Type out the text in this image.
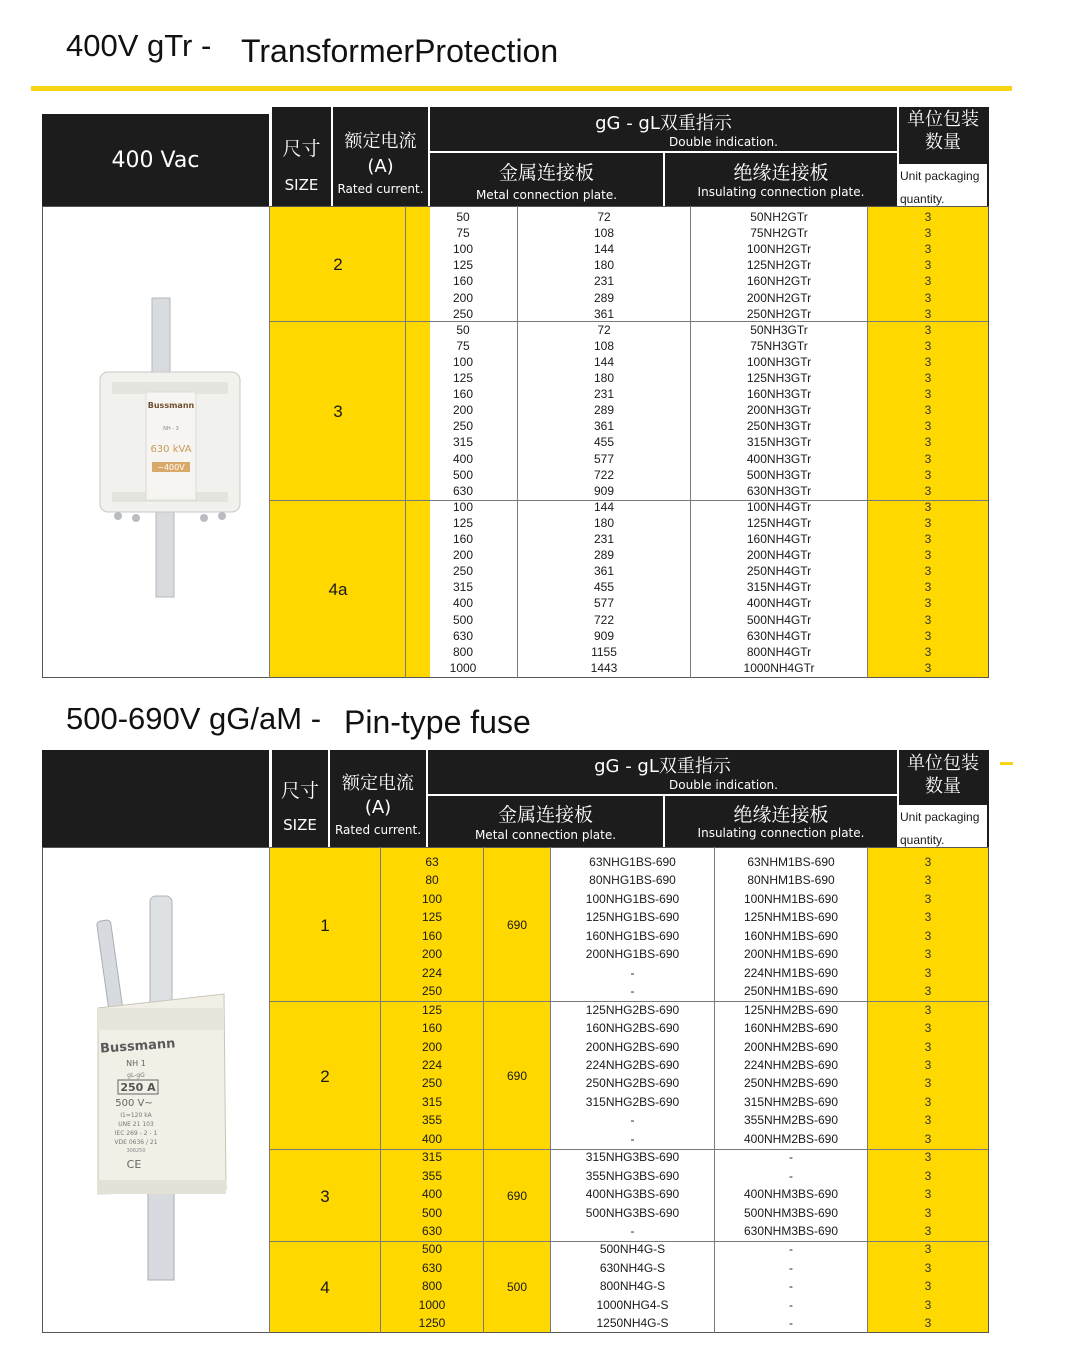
400V gTr - TransformerProtection
400 Vac	尺寸
SIZE
额定电流
(A)
Rated current.
gG - gL双重指示
Double indication.
金属连接板
Metal connection plate.
绝缘连接板
Insulating connection plate.
单位包装
数量
Unit packaging
quantity.
2
50	72	50NH2GTr	3
75	108	75NH2GTr	3
100	144	100NH2GTr	3
125	180	125NH2GTr	3
160	231	160NH2GTr	3
200	289	200NH2GTr	3
250	361	250NH2GTr	3
3
50	72	50NH3GTr	3
75	108	75NH3GTr	3
100	144	100NH3GTr	3
125	180	125NH3GTr	3
160	231	160NH3GTr	3
200	289	200NH3GTr	3
250	361	250NH3GTr	3
315	455	315NH3GTr	3
400	577	400NH3GTr	3
500	722	500NH3GTr	3
630	909	630NH3GTr	3
4a
100	144	100NH4GTr	3
125	180	125NH4GTr	3
160	231	160NH4GTr	3
200	289	200NH4GTr	3
250	361	250NH4GTr	3
315	455	315NH4GTr	3
400	577	400NH4GTr	3
500	722	500NH4GTr	3
630	909	630NH4GTr	3
800	1155	800NH4GTr	3
1000	1443	1000NH4GTr	3
Bussmann
NH - 3
630 kVA
~400V
500-690V gG/aM - Pin-type fuse
尺寸
SIZE
额定电流
(A)
Rated current.
gG - gL双重指示
Double indication.
金属连接板
Metal connection plate.
绝缘连接板
Insulating connection plate.
单位包装
数量
Unit packaging
quantity.
1	690
63	63NHG1BS-690	63NHM1BS-690	3
80	80NHG1BS-690	80NHM1BS-690	3
100	100NHG1BS-690	100NHM1BS-690	3
125	125NHG1BS-690	125NHM1BS-690	3
160	160NHG1BS-690	160NHM1BS-690	3
200	200NHG1BS-690	200NHM1BS-690	3
224	-	224NHM1BS-690	3
250	-	250NHM1BS-690	3
2	690
125	125NHG2BS-690	125NHM2BS-690	3
160	160NHG2BS-690	160NHM2BS-690	3
200	200NHG2BS-690	200NHM2BS-690	3
224	224NHG2BS-690	224NHM2BS-690	3
250	250NHG2BS-690	250NHM2BS-690	3
315	315NHG2BS-690	315NHM2BS-690	3
355	-	355NHM2BS-690	3
400	-	400NHM2BS-690	3
3	690
315	315NHG3BS-690	-	3
355	355NHG3BS-690	-	3
400	400NHG3BS-690	400NHM3BS-690	3
500	500NHG3BS-690	500NHM3BS-690	3
630	-	630NHM3BS-690	3
4	500
500	500NH4G-S	-	3
630	630NH4G-S	-	3
800	800NH4G-S	-	3
1000	1000NHG4-S	-	3
1250	1250NH4G-S	-	3
Bussmann
NH 1
gL-gG
250 A
500 V~
I1=120 kA
UNE 21 103
IEC 269 - 2 - 1
VDE 0636 / 21
306250
CE
